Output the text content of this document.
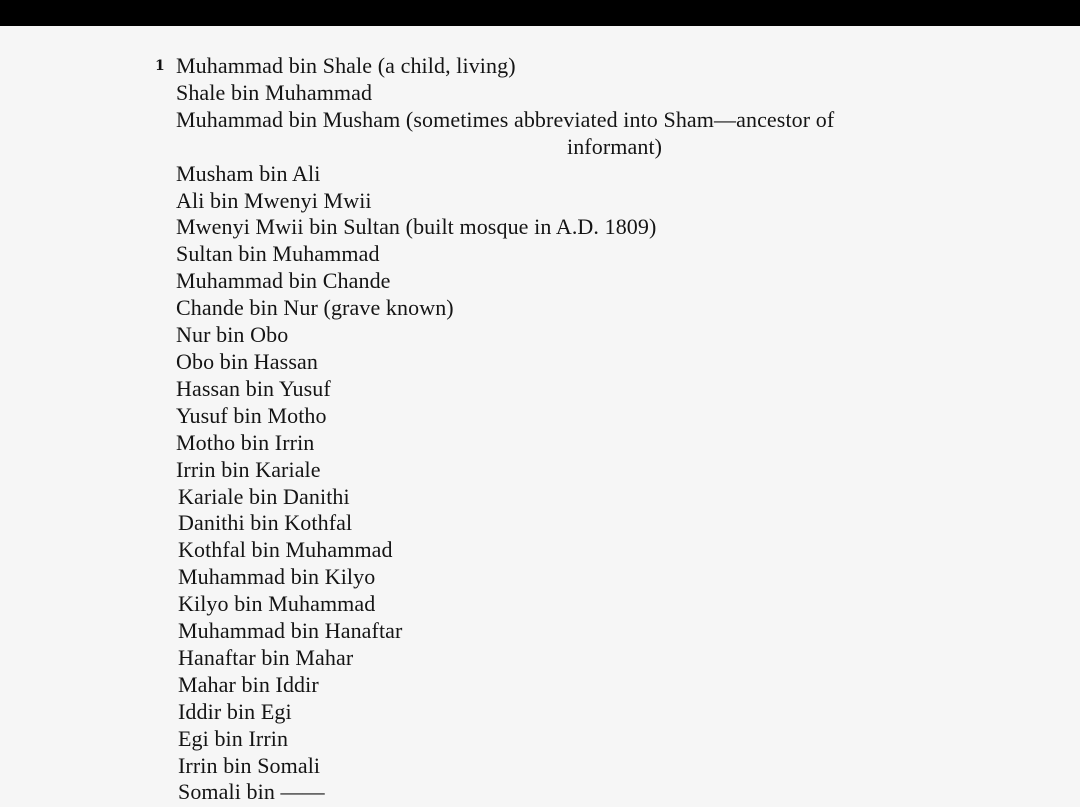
1 Muhammad bin Shale (a child, living)
Shale bin Muhammad
Muhammad bin Musham (sometimes abbreviated into Sham—ancestor of
informant)
Musham bin Ali
Ali bin Mwenyi Mwii
Mwenyi Mwii bin Sultan (built mosque in A.D. 1809)
Sultan bin Muhammad
Muhammad bin Chande
Chande bin Nur (grave known)
Nur bin Obo
Obo bin Hassan
Hassan bin Yusuf
Yusuf bin Motho
Motho bin Irrin
Irrin bin Kariale
Kariale bin Danithi
Danithi bin Kothfal
Kothfal bin Muhammad
Muhammad bin Kilyo
Kilyo bin Muhammad
Muhammad bin Hanaftar
Hanaftar bin Mahar
Mahar bin Iddir
Iddir bin Egi
Egi bin Irrin
Irrin bin Somali
Somali bin ——
